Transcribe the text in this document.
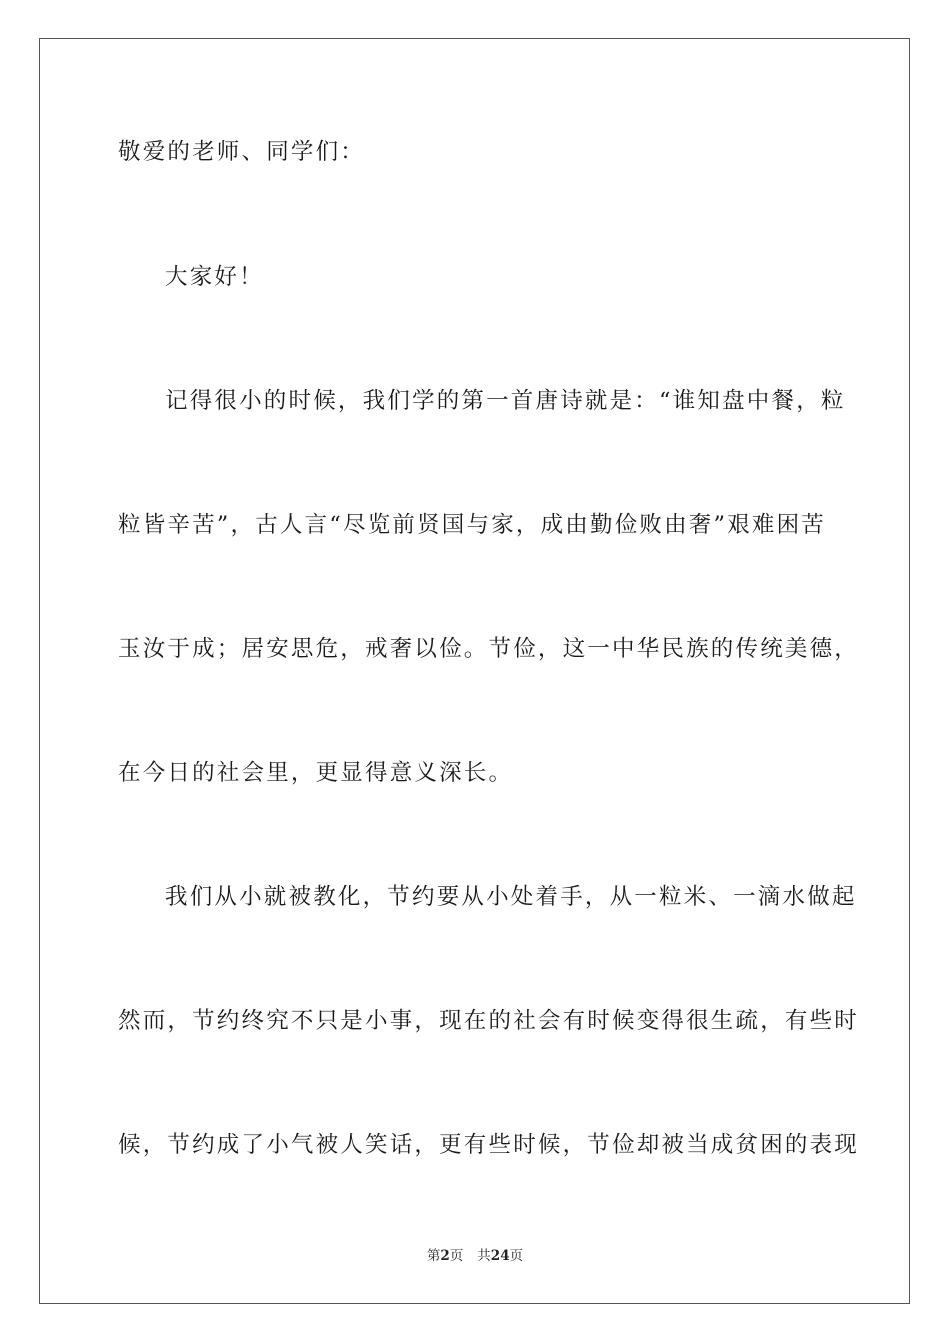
敬爱的老师、同学们：
大家好！
记得很小的时候，我们学的第一首唐诗就是：“谁知盘中餐，粒
粒皆辛苦”，古人言“尽览前贤国与家，成由勤俭败由奢”艰难困苦
玉汝于成；居安思危，戒奢以俭。节俭，这一中华民族的传统美德，
在今日的社会里，更显得意义深长。
我们从小就被教化，节约要从小处着手，从一粒米、一滴水做起
然而，节约终究不只是小事，现在的社会有时候变得很生疏，有些时
候，节约成了小气被人笑话，更有些时候，节俭却被当成贫困的表现
第2页 共24页
